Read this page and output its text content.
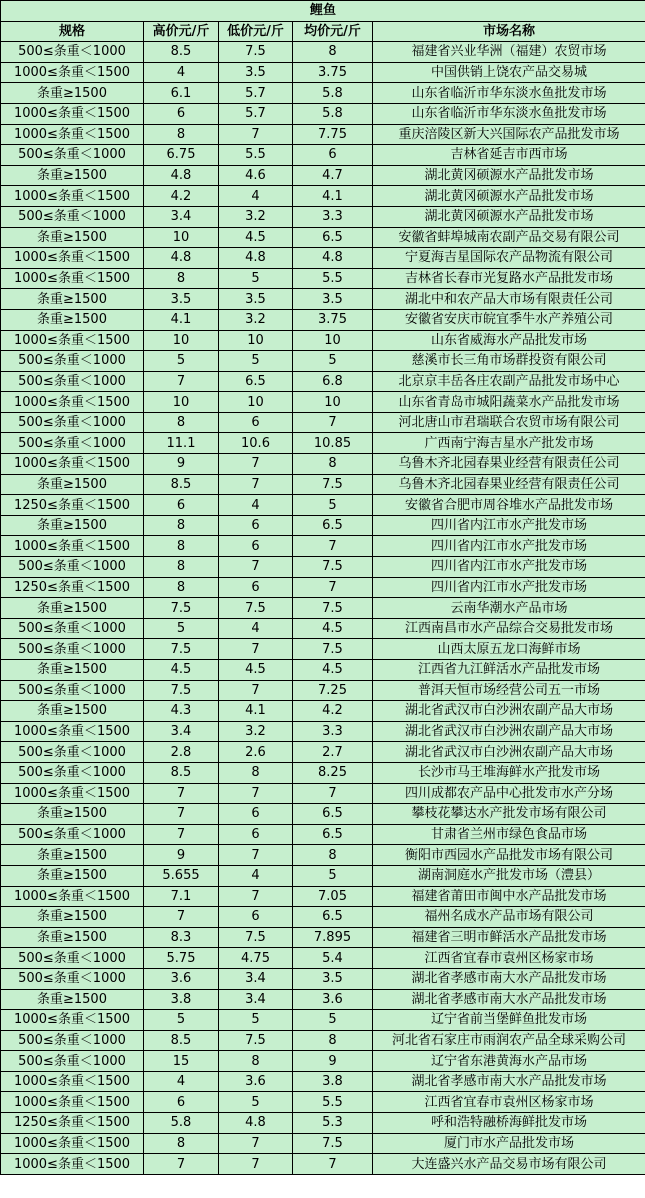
鲤鱼				
规格	高价元/斤	低价元/斤	均价元/斤	市场名称
500≤条重＜1000	8.5	7.5	8	福建省兴业华洲（福建）农贸市场
1000≤条重＜1500	4	3.5	3.75	中国供销上饶农产品交易城
条重≥1500	6.1	5.7	5.8	山东省临沂市华东淡水鱼批发市场
1000≤条重＜1500	6	5.7	5.8	山东省临沂市华东淡水鱼批发市场
1000≤条重＜1500	8	7	7.75	重庆涪陵区新大兴国际农产品批发市场
500≤条重＜1000	6.75	5.5	6	吉林省延吉市西市场
条重≥1500	4.8	4.6	4.7	湖北黄冈硕源水产品批发市场
1000≤条重＜1500	4.2	4	4.1	湖北黄冈硕源水产品批发市场
500≤条重＜1000	3.4	3.2	3.3	湖北黄冈硕源水产品批发市场
条重≥1500	10	4.5	6.5	安徽省蚌埠城南农副产品交易有限公司
1000≤条重＜1500	4.8	4.8	4.8	宁夏海吉星国际农产品物流有限公司
1000≤条重＜1500	8	5	5.5	吉林省长春市光复路水产品批发市场
条重≥1500	3.5	3.5	3.5	湖北中和农产品大市场有限责任公司
条重≥1500	4.1	3.2	3.75	安徽省安庆市皖宜季牛水产养殖公司
1000≤条重＜1500	10	10	10	山东省威海水产品批发市场
500≤条重＜1000	5	5	5	慈溪市长三角市场群投资有限公司
500≤条重＜1000	7	6.5	6.8	北京京丰岳各庄农副产品批发市场中心
1000≤条重＜1500	10	10	10	山东省青岛市城阳蔬菜水产品批发市场
500≤条重＜1000	8	6	7	河北唐山市君瑞联合农贸市场有限公司
500≤条重＜1000	11.1	10.6	10.85	广西南宁海吉星水产批发市场
1000≤条重＜1500	9	7	8	乌鲁木齐北园春果业经营有限责任公司
条重≥1500	8.5	7	7.5	乌鲁木齐北园春果业经营有限责任公司
1250≤条重＜1500	6	4	5	安徽省合肥市周谷堆水产品批发市场
条重≥1500	8	6	6.5	四川省内江市水产批发市场
1000≤条重＜1500	8	6	7	四川省内江市水产批发市场
500≤条重＜1000	8	7	7.5	四川省内江市水产批发市场
1250≤条重＜1500	8	6	7	四川省内江市水产批发市场
条重≥1500	7.5	7.5	7.5	云南华潮水产品市场
500≤条重＜1000	5	4	4.5	江西南昌市水产品综合交易批发市场
500≤条重＜1000	7.5	7	7.5	山西太原五龙口海鲜市场
条重≥1500	4.5	4.5	4.5	江西省九江鲜活水产品批发市场
500≤条重＜1000	7.5	7	7.25	普洱天恒市场经营公司五一市场
条重≥1500	4.3	4.1	4.2	湖北省武汉市白沙洲农副产品大市场
1000≤条重＜1500	3.4	3.2	3.3	湖北省武汉市白沙洲农副产品大市场
500≤条重＜1000	2.8	2.6	2.7	湖北省武汉市白沙洲农副产品大市场
500≤条重＜1000	8.5	8	8.25	长沙市马王堆海鲜水产批发市场
1000≤条重＜1500	7	7	7	四川成都农产品中心批发市水产分场
条重≥1500	7	6	6.5	攀枝花攀达水产批发市场有限公司
500≤条重＜1000	7	6	6.5	甘肃省兰州市绿色食品市场
条重≥1500	9	7	8	衡阳市西园水产品批发市场有限公司
条重≥1500	5.655	4	5	湖南洞庭水产批发市场（澧县）
1000≤条重＜1500	7.1	7	7.05	福建省莆田市闽中水产品批发市场
条重≥1500	7	6	6.5	福州名成水产品市场有限公司
条重≥1500	8.3	7.5	7.895	福建省三明市鲜活水产品批发市场
500≤条重＜1000	5.75	4.75	5.4	江西省宜春市袁州区杨家市场
500≤条重＜1000	3.6	3.4	3.5	湖北省孝感市南大水产品批发市场
条重≥1500	3.8	3.4	3.6	湖北省孝感市南大水产品批发市场
1000≤条重＜1500	5	5	5	辽宁省前当堡鲜鱼批发市场
500≤条重＜1000	8.5	7.5	8	河北省石家庄市雨润农产品全球采购公司
500≤条重＜1000	15	8	9	辽宁省东港黄海水产品市场
1000≤条重＜1500	4	3.6	3.8	湖北省孝感市南大水产品批发市场
1000≤条重＜1500	6	5	5.5	江西省宜春市袁州区杨家市场
1250≤条重＜1500	5.8	4.8	5.3	呼和浩特融桥海鲜批发市场
1000≤条重＜1500	8	7	7.5	厦门市水产品批发市场
1000≤条重＜1500	7	7	7	大连盛兴水产品交易市场有限公司
